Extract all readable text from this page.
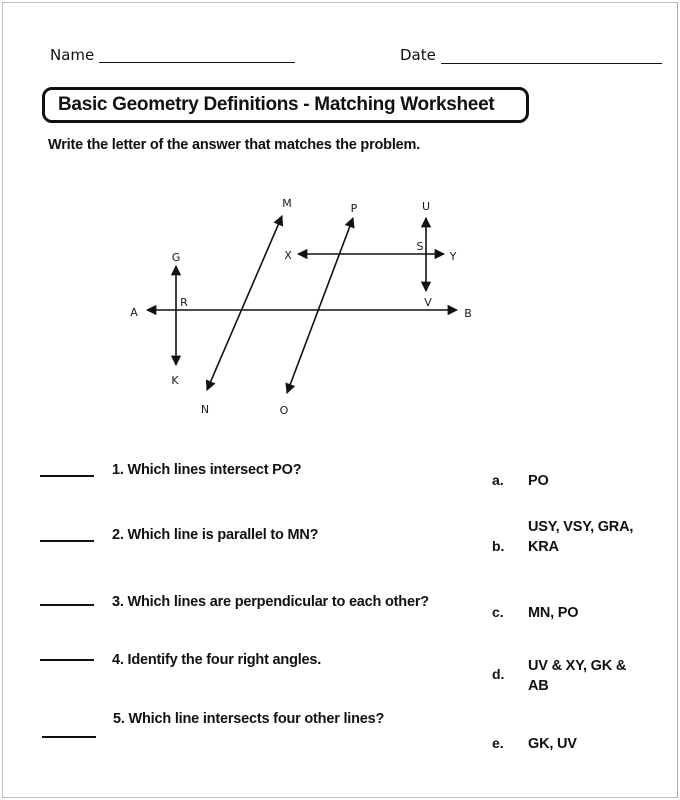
Name	Date
Basic Geometry Definitions - Matching Worksheet
Write the letter of the answer that matches the problem.
A	B
R
G
K
M
N
P
O
X	Y
S
U
V
1. Which lines intersect PO?
2. Which line is parallel to MN?
3. Which lines are perpendicular to each other?
4. Identify the four right angles.
5. Which line intersects four other lines?
a. PO
b.
USY, VSY, GRA,
KRA
c. MN, PO
d. UV & XY, GK &
AB
e. GK, UV
